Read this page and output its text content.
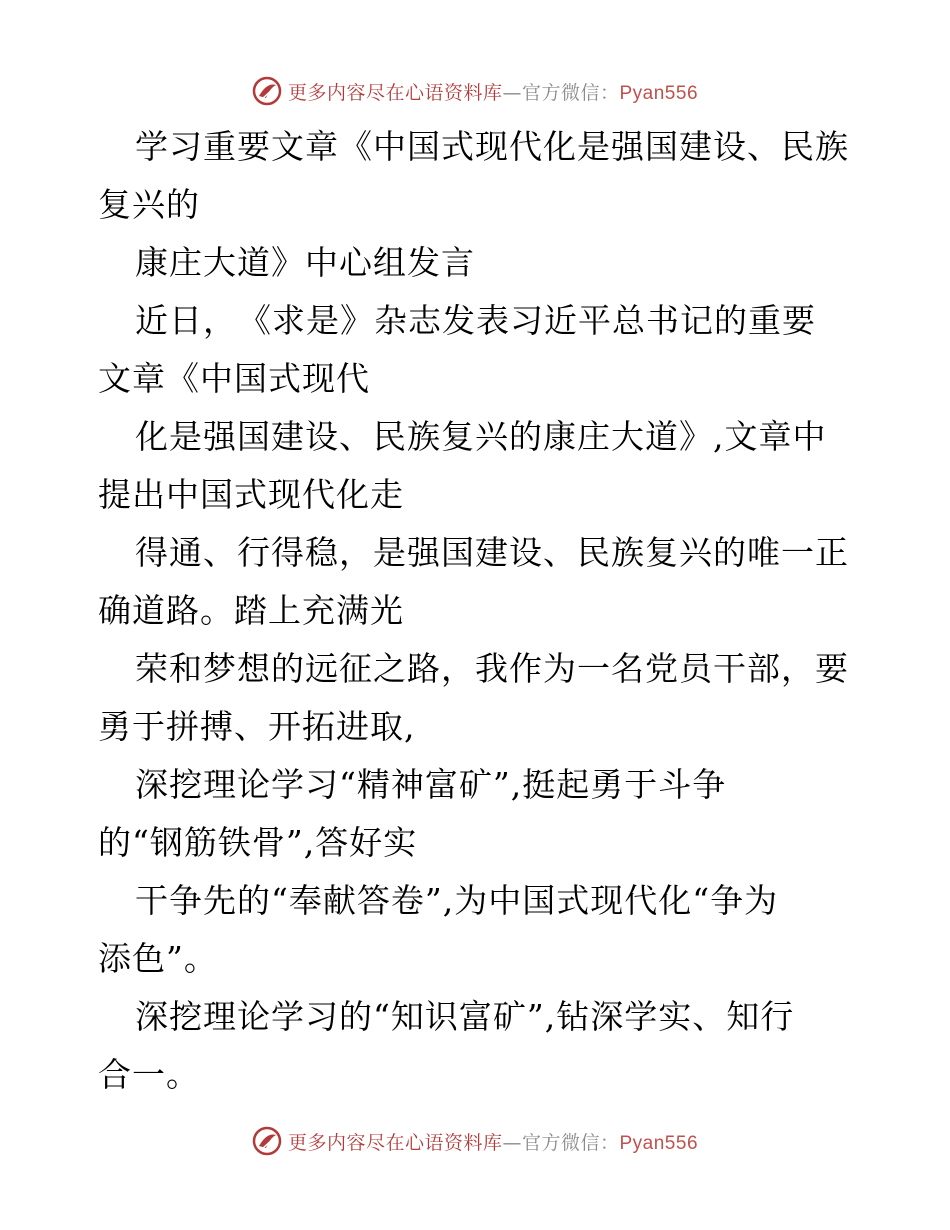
更多内容尽在心语资料库—官方微信：Pyan556
学习重要文章《中国式现代化是强国建设、民族
复兴的
康庄大道》中心组发言
近日，　《求是》杂志发表习近平总书记的重要
文章《中国式现代
化是强国建设、民族复兴的康庄大道》,文章中
提出中国式现代化走
得通、行得稳，是强国建设、民族复兴的唯一正
确道路。踏上充满光
荣和梦想的远征之路，我作为一名党员干部，要
勇于拼搏、开拓进取,
深挖理论学习“精神富矿”,挺起勇于斗争
的“钢筋铁骨”,答好实
干争先的“奉献答卷”,为中国式现代化“争为
添色”。
深挖理论学习的“知识富矿”,钻深学实、知行
合一。
更多内容尽在心语资料库—官方微信：Pyan556
